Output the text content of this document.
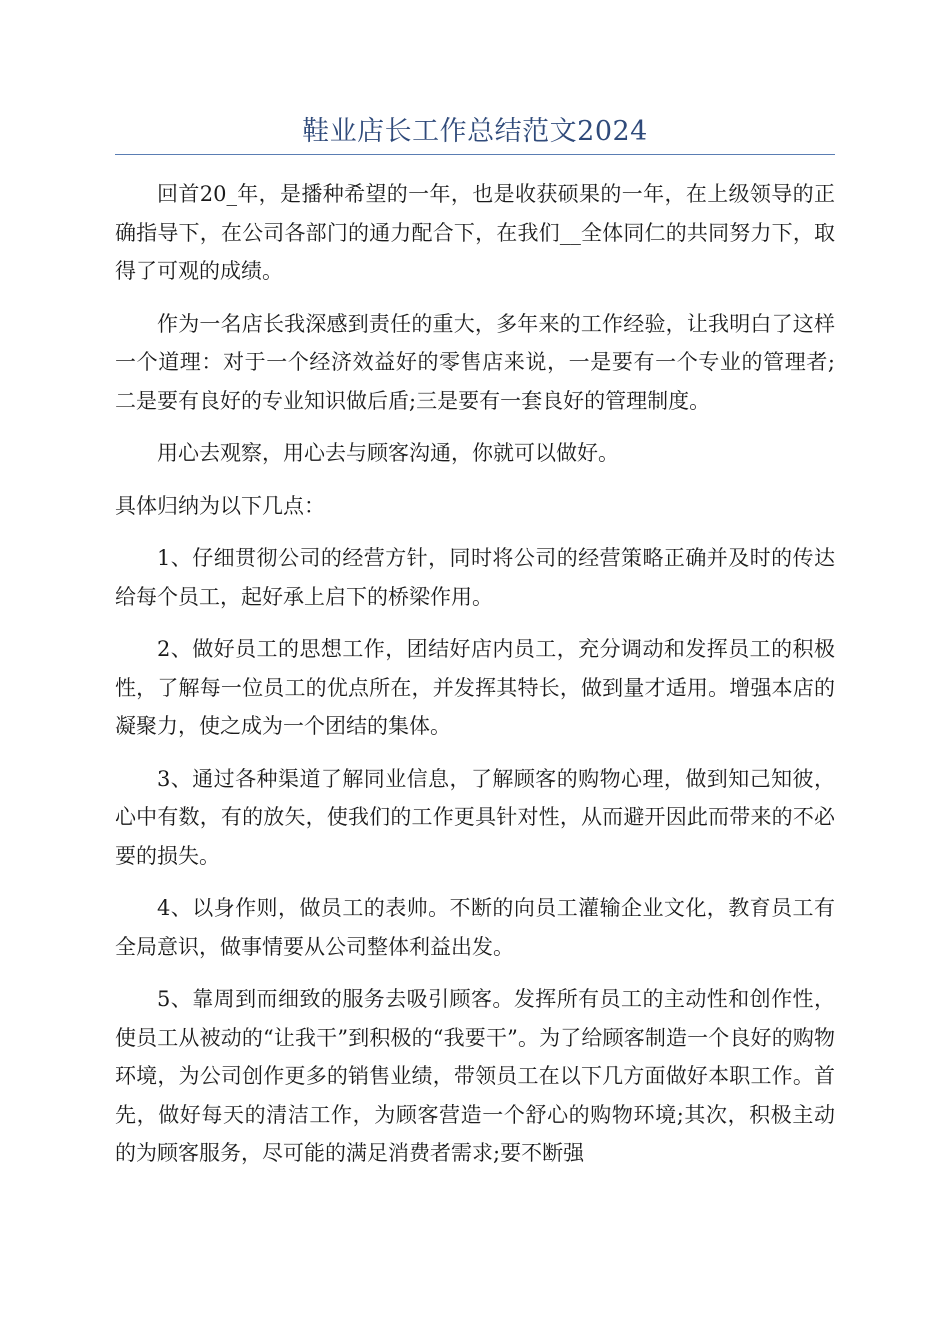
鞋业店长工作总结范文2024

回首20_年，是播种希望的一年，也是收获硕果的一年，在上级领导的正确指导下，在公司各部门的通力配合下，在我们__全体同仁的共同努力下，取得了可观的成绩。

作为一名店长我深感到责任的重大，多年来的工作经验，让我明白了这样一个道理：对于一个经济效益好的零售店来说，一是要有一个专业的管理者;二是要有良好的专业知识做后盾;三是要有一套良好的管理制度。

用心去观察，用心去与顾客沟通，你就可以做好。

具体归纳为以下几点：

1、仔细贯彻公司的经营方针，同时将公司的经营策略正确并及时的传达给每个员工，起好承上启下的桥梁作用。

2、做好员工的思想工作，团结好店内员工，充分调动和发挥员工的积极性，了解每一位员工的优点所在，并发挥其特长，做到量才适用。增强本店的凝聚力，使之成为一个团结的集体。

3、通过各种渠道了解同业信息，了解顾客的购物心理，做到知己知彼，心中有数，有的放矢，使我们的工作更具针对性，从而避开因此而带来的不必要的损失。

4、以身作则，做员工的表帅。不断的向员工灌输企业文化，教育员工有全局意识，做事情要从公司整体利益出发。

5、靠周到而细致的服务去吸引顾客。发挥所有员工的主动性和创作性，使员工从被动的“让我干”到积极的“我要干”。为了给顾客制造一个良好的购物环境，为公司创作更多的销售业绩，带领员工在以下几方面做好本职工作。首先，做好每天的清洁工作，为顾客营造一个舒心的购物环境;其次，积极主动的为顾客服务，尽可能的满足消费者需求;要不断强
